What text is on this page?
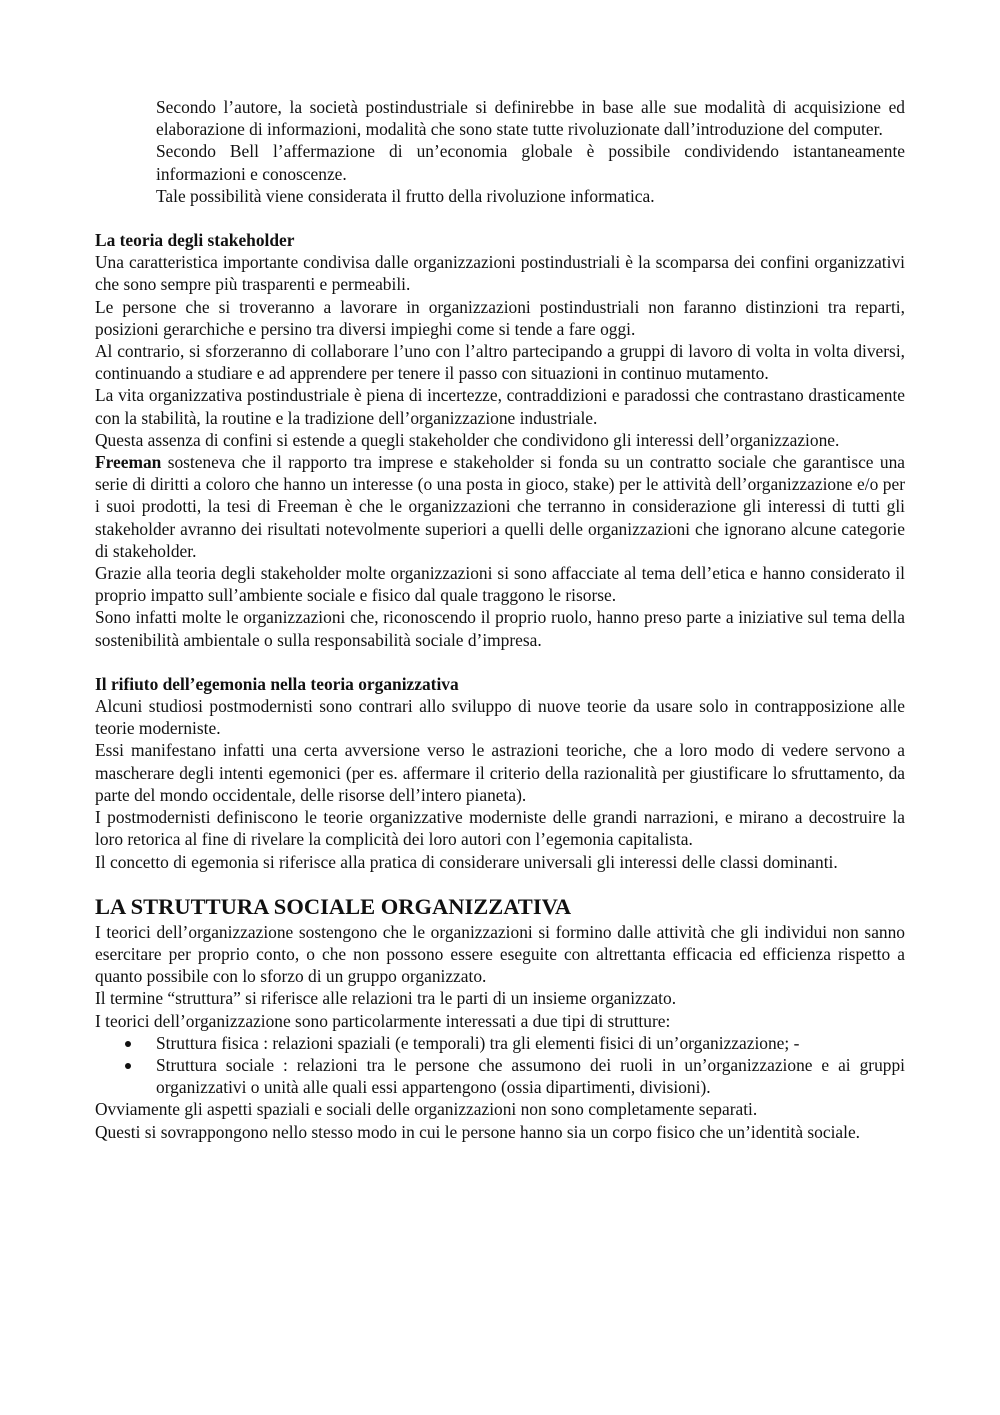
Secondo l’autore, la società postindustriale si definirebbe in base alle sue modalità di acquisizione ed elaborazione di informazioni, modalità che sono state tutte rivoluzionate dall’introduzione del computer.

Secondo Bell l’affermazione di un’economia globale è possibile condividendo istantaneamente informazioni e conoscenze.

Tale possibilità viene considerata il frutto della rivoluzione informatica.

La teoria degli stakeholder

Una caratteristica importante condivisa dalle organizzazioni postindustriali è la scomparsa dei confini organizzativi che sono sempre più trasparenti e permeabili.

Le persone che si troveranno a lavorare in organizzazioni postindustriali non faranno distinzioni tra reparti, posizioni gerarchiche e persino tra diversi impieghi come si tende a fare oggi.

Al contrario, si sforzeranno di collaborare l’uno con l’altro partecipando a gruppi di lavoro di volta in volta diversi, continuando a studiare e ad apprendere per tenere il passo con situazioni in continuo mutamento.

La vita organizzativa postindustriale è piena di incertezze, contraddizioni e paradossi che contrastano drasticamente con la stabilità, la routine e la tradizione dell’organizzazione industriale.

Questa assenza di confini si estende a quegli stakeholder che condividono gli interessi dell’organizzazione.

Freeman sosteneva che il rapporto tra imprese e stakeholder si fonda su un contratto sociale che garantisce una serie di diritti a coloro che hanno un interesse (o una posta in gioco, stake) per le attività dell’organizzazione e/o per i suoi prodotti, la tesi di Freeman è che le organizzazioni che terranno in considerazione gli interessi di tutti gli stakeholder avranno dei risultati notevolmente superiori a quelli delle organizzazioni che ignorano alcune categorie di stakeholder.

Grazie alla teoria degli stakeholder molte organizzazioni si sono affacciate al tema dell’etica e hanno considerato il proprio impatto sull’ambiente sociale e fisico dal quale traggono le risorse.

Sono infatti molte le organizzazioni che, riconoscendo il proprio ruolo, hanno preso parte a iniziative sul tema della sostenibilità ambientale o sulla responsabilità sociale d’impresa.

Il rifiuto dell’egemonia nella teoria organizzativa

Alcuni studiosi postmodernisti sono contrari allo sviluppo di nuove teorie da usare solo in contrapposizione alle teorie moderniste.

Essi manifestano infatti una certa avversione verso le astrazioni teoriche, che a loro modo di vedere servono a mascherare degli intenti egemonici (per es. affermare il criterio della razionalità per giustificare lo sfruttamento, da parte del mondo occidentale, delle risorse dell’intero pianeta).

I postmodernisti definiscono le teorie organizzative moderniste delle grandi narrazioni, e mirano a decostruire la loro retorica al fine di rivelare la complicità dei loro autori con l’egemonia capitalista.

Il concetto di egemonia si riferisce alla pratica di considerare universali gli interessi delle classi dominanti.

LA STRUTTURA SOCIALE ORGANIZZATIVA

I teorici dell’organizzazione sostengono che le organizzazioni si formino dalle attività che gli individui non sanno esercitare per proprio conto, o che non possono essere eseguite con altrettanta efficacia ed efficienza rispetto a quanto possibile con lo sforzo di un gruppo organizzato.

Il termine “struttura” si riferisce alle relazioni tra le parti di un insieme organizzato.

I teorici dell’organizzazione sono particolarmente interessati a due tipi di strutture:

Struttura fisica : relazioni spaziali (e temporali) tra gli elementi fisici di un’organizzazione; -
Struttura sociale : relazioni tra le persone che assumono dei ruoli in un’organizzazione e ai gruppi organizzativi o unità alle quali essi appartengono (ossia dipartimenti, divisioni).

Ovviamente gli aspetti spaziali e sociali delle organizzazioni non sono completamente separati.

Questi si sovrappongono nello stesso modo in cui le persone hanno sia un corpo fisico che un’identità sociale.
